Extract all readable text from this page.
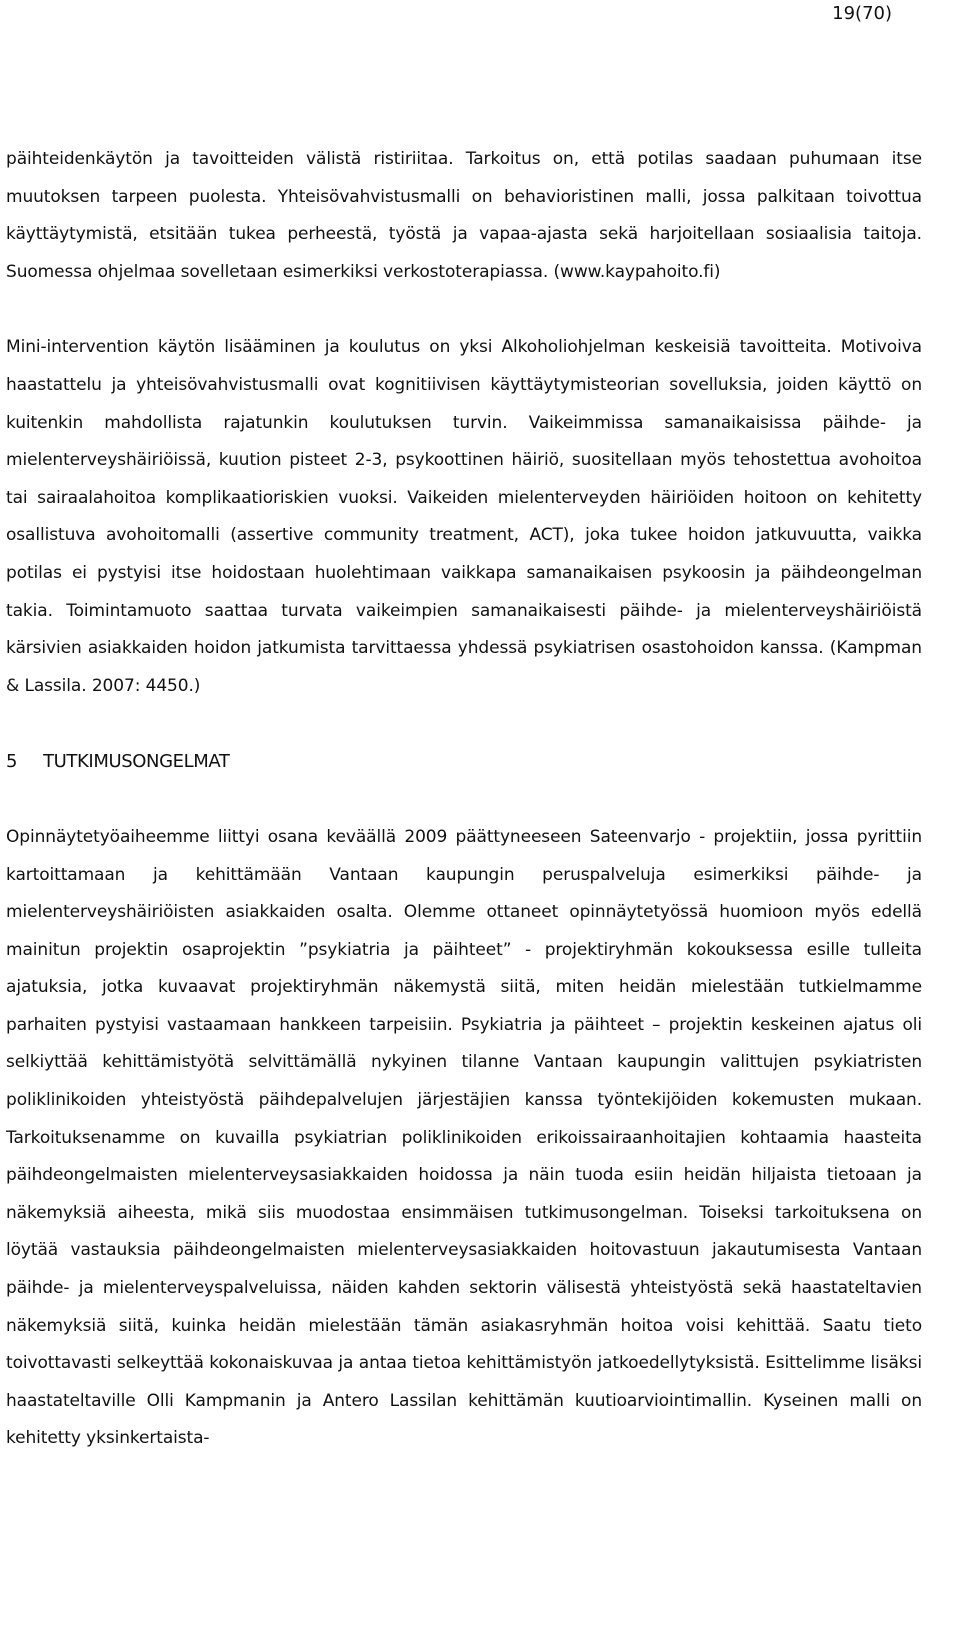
19(70)

päihteidenkäytön ja tavoitteiden välistä ristiriitaa. Tarkoitus on, että potilas saadaan puhumaan itse muutoksen tarpeen puolesta. Yhteisövahvistusmalli on behavioristinen malli, jossa palkitaan toivottua käyttäytymistä, etsitään tukea perheestä, työstä ja vapaa-ajasta sekä harjoitellaan sosiaalisia taitoja. Suomessa ohjelmaa sovelletaan esimerkiksi verkostoterapiassa. (www.kaypahoito.fi)

Mini-intervention käytön lisääminen ja koulutus on yksi Alkoholiohjelman keskeisiä tavoitteita. Motivoiva haastattelu ja yhteisövahvistusmalli ovat kognitiivisen käyttäytymisteorian sovelluksia, joiden käyttö on kuitenkin mahdollista rajatunkin koulutuksen turvin. Vaikeimmissa samanaikaisissa päihde- ja mielenterveyshäiriöissä, kuution pisteet 2-3, psykoottinen häiriö, suositellaan myös tehostettua avohoitoa tai sairaalahoitoa komplikaatioriskien vuoksi. Vaikeiden mielenterveyden häiriöiden hoitoon on kehitetty osallistuva avohoitomalli (assertive community treatment, ACT), joka tukee hoidon jatkuvuutta, vaikka potilas ei pystyisi itse hoidostaan huolehtimaan vaikkapa samanaikaisen psykoosin ja päihdeongelman takia. Toimintamuoto saattaa turvata vaikeimpien samanaikaisesti päihde- ja mielenterveyshäiriöistä kärsivien asiakkaiden hoidon jatkumista tarvittaessa yhdessä psykiatrisen osastohoidon kanssa. (Kampman & Lassila. 2007: 4450.)

5 TUTKIMUSONGELMAT

Opinnäytetyöaiheemme liittyi osana keväällä 2009 päättyneeseen Sateenvarjo - projektiin, jossa pyrittiin kartoittamaan ja kehittämään Vantaan kaupungin peruspalveluja esimerkiksi päihde- ja mielenterveyshäiriöisten asiakkaiden osalta. Olemme ottaneet opinnäytetyössä huomioon myös edellä mainitun projektin osaprojektin ”psykiatria ja päihteet” - projektiryhmän kokouksessa esille tulleita ajatuksia, jotka kuvaavat projektiryhmän näkemystä siitä, miten heidän mielestään tutkielmamme parhaiten pystyisi vastaamaan hankkeen tarpeisiin. Psykiatria ja päihteet – projektin keskeinen ajatus oli selkiyttää kehittämistyötä selvittämällä nykyinen tilanne Vantaan kaupungin valittujen psykiatristen poliklinikoiden yhteistyöstä päihdepalvelujen järjestäjien kanssa työntekijöiden kokemusten mukaan. Tarkoituksenamme on kuvailla psykiatrian poliklinikoiden erikoissairaanhoitajien kohtaamia haasteita päihdeongelmaisten mielenterveysasiakkaiden hoidossa ja näin tuoda esiin heidän hiljaista tietoaan ja näkemyksiä aiheesta, mikä siis muodostaa ensimmäisen tutkimusongelman. Toiseksi tarkoituksena on löytää vastauksia päihdeongelmaisten mielenterveysasiakkaiden hoitovastuun jakautumisesta Vantaan päihde- ja mielenterveyspalveluissa, näiden kahden sektorin välisestä yhteistyöstä sekä haastateltavien näkemyksiä siitä, kuinka heidän mielestään tämän asiakasryhmän hoitoa voisi kehittää. Saatu tieto toivottavasti selkeyttää kokonaiskuvaa ja antaa tietoa kehittämistyön jatkoedellytyksistä. Esittelimme lisäksi haastateltaville Olli Kampmanin ja Antero Lassilan kehittämän kuutioarviointimallin. Kyseinen malli on kehitetty yksinkertaista-
